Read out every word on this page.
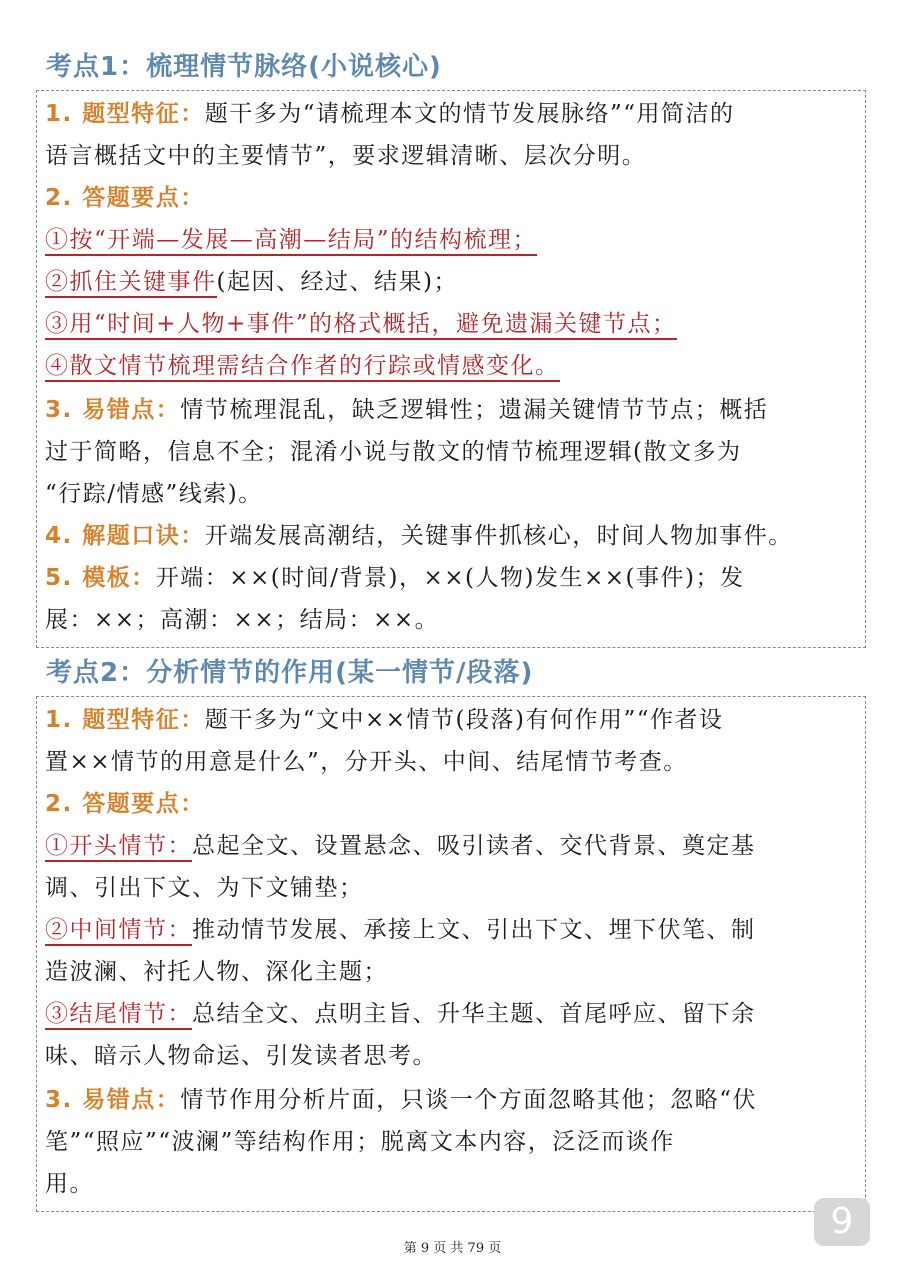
考点1：梳理情节脉络(小说核心)
1. 题型特征：题干多为“请梳理本文的情节发展脉络”“用简洁的
语言概括文中的主要情节”，要求逻辑清晰、层次分明。
2. 答题要点：
①按“开端—发展—高潮—结局”的结构梳理；
②抓住关键事件(起因、经过、结果)；
③用“时间+人物+事件”的格式概括，避免遗漏关键节点；
④散文情节梳理需结合作者的行踪或情感变化。
3. 易错点：情节梳理混乱，缺乏逻辑性；遗漏关键情节节点；概括
过于简略，信息不全；混淆小说与散文的情节梳理逻辑(散文多为
“行踪/情感”线索)。
4. 解题口诀：开端发展高潮结，关键事件抓核心，时间人物加事件。
5. 模板：开端：××(时间/背景)，××(人物)发生××(事件)；发
展：××；高潮：××；结局：××。
考点2：分析情节的作用(某一情节/段落)
1. 题型特征：题干多为“文中××情节(段落)有何作用”“作者设
置××情节的用意是什么”，分开头、中间、结尾情节考查。
2. 答题要点：
①开头情节：总起全文、设置悬念、吸引读者、交代背景、奠定基
调、引出下文、为下文铺垫；
②中间情节：推动情节发展、承接上文、引出下文、埋下伏笔、制
造波澜、衬托人物、深化主题；
③结尾情节：总结全文、点明主旨、升华主题、首尾呼应、留下余
味、暗示人物命运、引发读者思考。
3. 易错点：情节作用分析片面，只谈一个方面忽略其他；忽略“伏
笔”“照应”“波澜”等结构作用；脱离文本内容，泛泛而谈作
用。
9
第 9 页 共 79 页
